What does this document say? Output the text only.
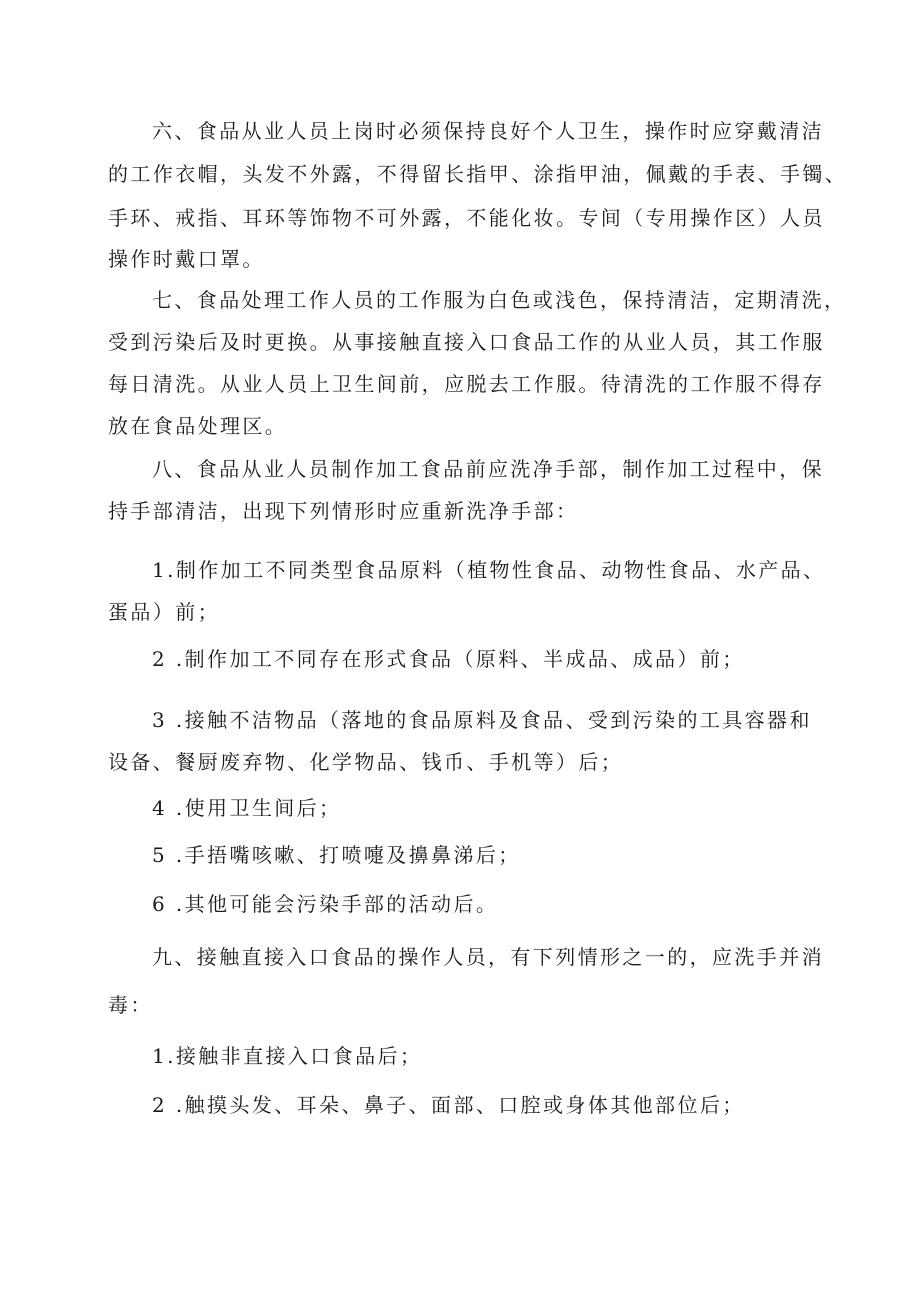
六、食品从业人员上岗时必须保持良好个人卫生，操作时应穿戴清洁
的工作衣帽，头发不外露，不得留长指甲、涂指甲油，佩戴的手表、手镯、
手环、戒指、耳环等饰物不可外露，不能化妆。专间（专用操作区）人员
操作时戴口罩。
七、食品处理工作人员的工作服为白色或浅色，保持清洁，定期清洗，
受到污染后及时更换。从事接触直接入口食品工作的从业人员，其工作服
每日清洗。从业人员上卫生间前，应脱去工作服。待清洗的工作服不得存
放在食品处理区。
八、食品从业人员制作加工食品前应洗净手部，制作加工过程中，保
持手部清洁，出现下列情形时应重新洗净手部：
1.制作加工不同类型食品原料（植物性食品、动物性食品、水产品、
蛋品）前；
2 .制作加工不同存在形式食品（原料、半成品、成品）前；
3 .接触不洁物品（落地的食品原料及食品、受到污染的工具容器和
设备、餐厨废弃物、化学物品、钱币、手机等）后；
4 .使用卫生间后；
5 .手捂嘴咳嗽、打喷嚏及擤鼻涕后；
6 .其他可能会污染手部的活动后。
九、接触直接入口食品的操作人员，有下列情形之一的，应洗手并消
毒：
1.接触非直接入口食品后；
2 .触摸头发、耳朵、鼻子、面部、口腔或身体其他部位后；
